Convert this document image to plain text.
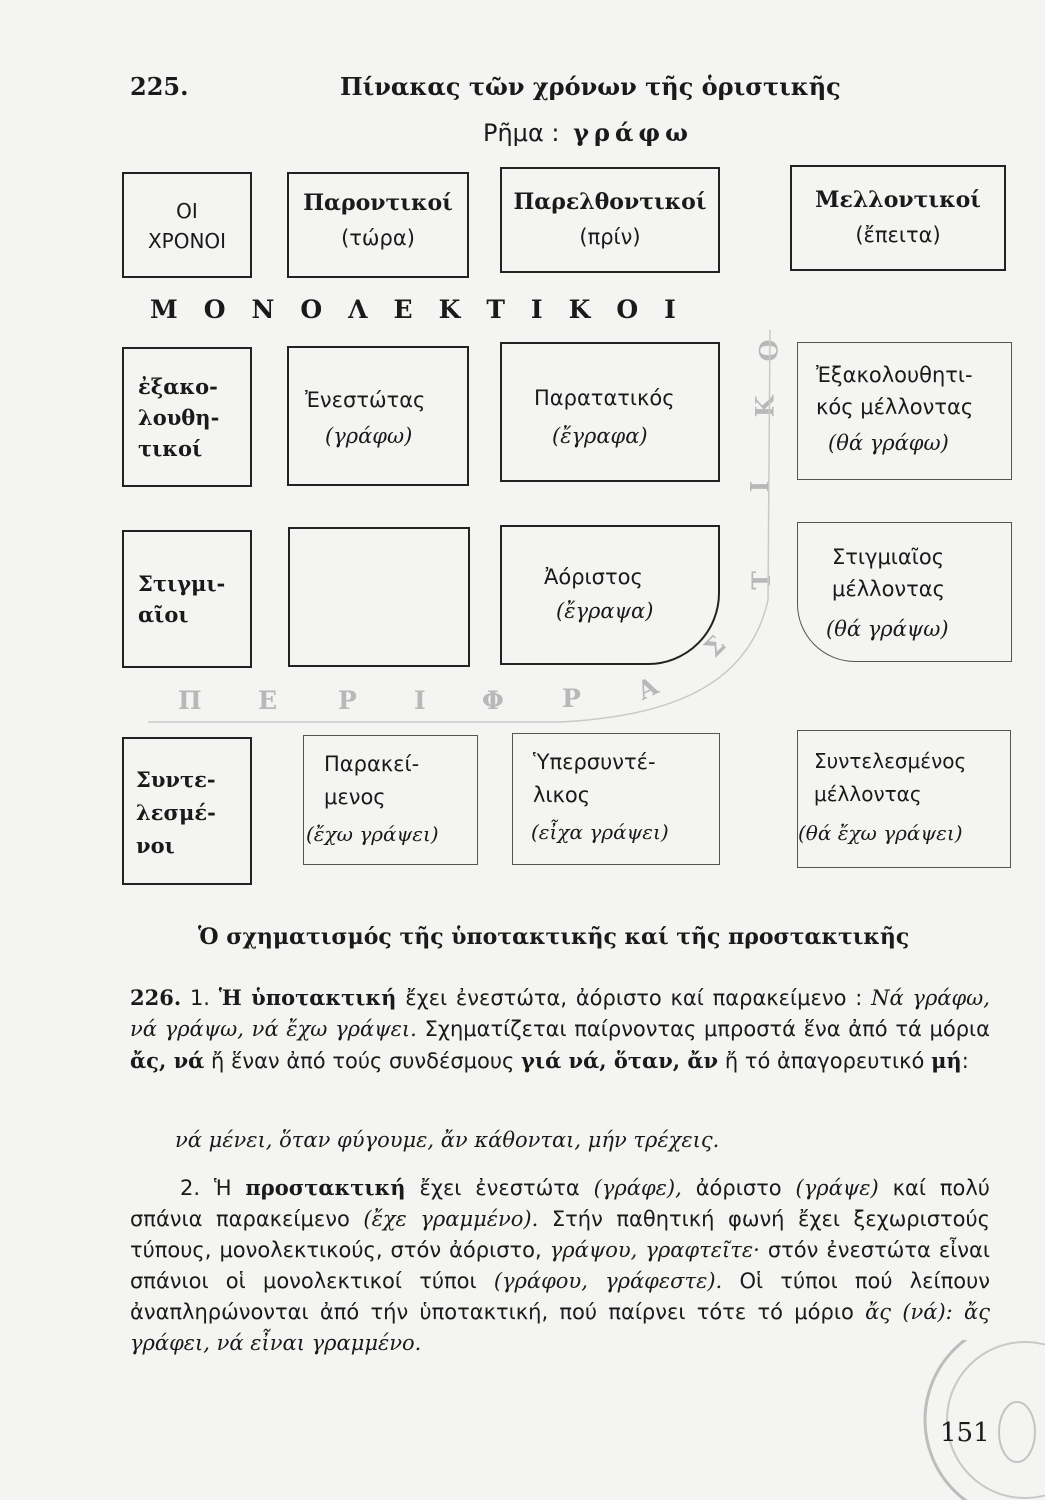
225.	Πίνακας τῶν χρόνων τῆς ὁριστικῆς
Ρῆμα : γράφω
ΟΙ
ΧΡΟΝΟΙ
Παροντικοί
(τώρα)
Παρελθοντικοί
(πρίν)
Μελλοντικοί
(ἔπειτα)
Μ Ο Ν Ο Λ Ε Κ Τ Ι Κ Ο Ι
ἐξακο-
λουθη-
τικοί
Ἐνεστώτας
(γράφω)
Παρατατικός
(ἔγραφα)
Ἐξακολουθητι-
κός μέλλοντας
(θά γράφω)
Στιγμι-
αῖοι
Ἀόριστος
(ἔγραψα)
Στιγμιαῖος
μέλλοντας
(θά γράψω)
Π Ε Ρ Ι Φ Ρ Α
Σ
Τ
Ι
Κ
Ο
Συντε-
λεσμέ-
νοι
Παρακεί-
μενος
(ἔχω γράψει)
Ὑπερσυντέ-
λικος
(εἶχα γράψει)
Συντελεσμένος
μέλλοντας
(θά ἔχω γράψει)
Ὁ σχηματισμός τῆς ὑποτακτικῆς καί τῆς προστακτικῆς
226. 1. Ἡ ὑποτακτική ἔχει ἐνεστώτα, ἀόριστο καί παρακείμενο : Νά γράφω, νά γράψω, νά ἔχω γράψει. Σχηματίζεται παίρνοντας μπροστά ἕνα ἀπό τά μόρια ἄς, νά ἤ ἕναν ἀπό τούς συνδέσμους γιά νά, ὅταν, ἄν ἤ τό ἀπαγορευτικό μή:
νά μένει, ὅταν φύγουμε, ἄν κάθονται, μήν τρέχεις.
2. Ἡ προστακτική ἔχει ἐνεστώτα (γράφε), ἀόριστο (γράψε) καί πολύ σπάνια παρακείμενο (ἔχε γραμμένο). Στήν παθητική φωνή ἔχει ξεχωριστούς τύπους, μονολεκτικούς, στόν ἀόριστο, γράψου, γραφτεῖτε· στόν ἐνεστώτα εἶναι σπάνιοι οἱ μονολεκτικοί τύποι (γράφου, γράφεστε). Οἱ τύποι πού λείπουν ἀναπληρώνονται ἀπό τήν ὑποτακτική, πού παίρνει τότε τό μόριο ἄς (νά): ἄς γράφει, νά εἶναι γραμμένο.
151
